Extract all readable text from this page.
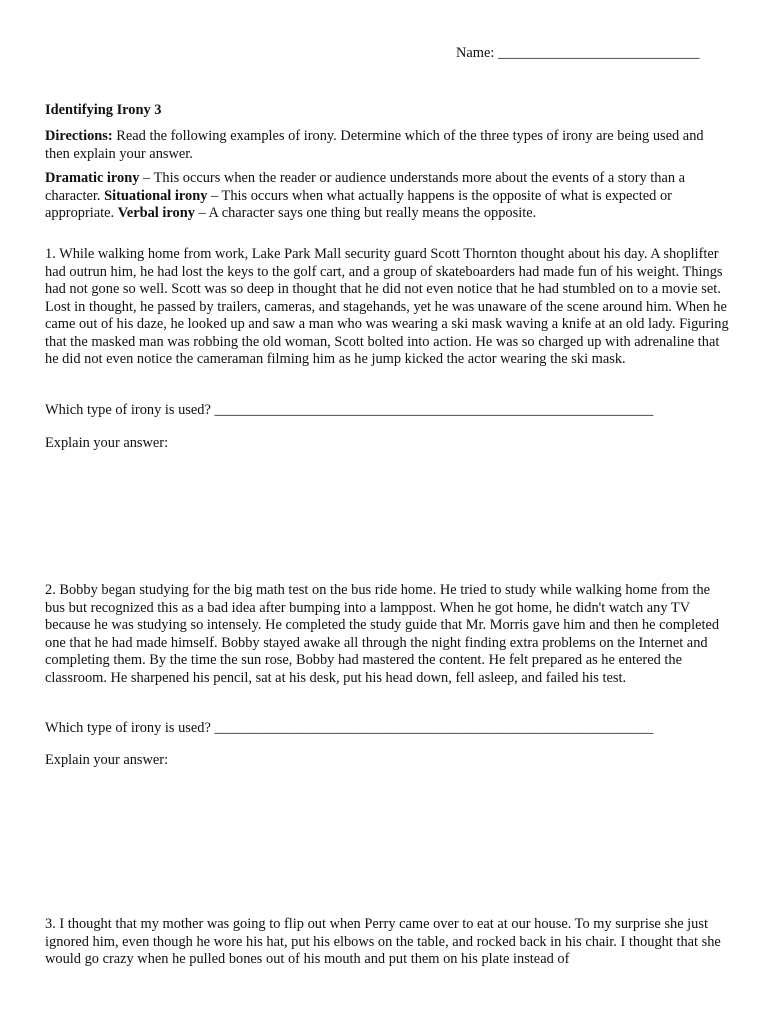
Name: ____________________________
Identifying Irony 3

Directions: Read the following examples of irony. Determine which of the three types of irony are being used and then explain your answer.

Dramatic irony – This occurs when the reader or audience understands more about the events of a story than a character. Situational irony – This occurs when what actually happens is the opposite of what is expected or appropriate. Verbal irony – A character says one thing but really means the opposite.

1. While walking home from work, Lake Park Mall security guard Scott Thornton thought about his day. A shoplifter had outrun him, he had lost the keys to the golf cart, and a group of skateboarders had made fun of his weight. Things had not gone so well. Scott was so deep in thought that he did not even notice that he had stumbled on to a movie set. Lost in thought, he passed by trailers, cameras, and stagehands, yet he was unaware of the scene around him. When he came out of his daze, he looked up and saw a man who was wearing a ski mask waving a knife at an old lady. Figuring that the masked man was robbing the old woman, Scott bolted into action. He was so charged up with adrenaline that he did not even notice the cameraman filming him as he jump kicked the actor wearing the ski mask.

Which type of irony is used? _____________________________________________________________

Explain your answer:

2. Bobby began studying for the big math test on the bus ride home. He tried to study while walking home from the bus but recognized this as a bad idea after bumping into a lamppost. When he got home, he didn't watch any TV because he was studying so intensely. He completed the study guide that Mr. Morris gave him and then he completed one that he had made himself. Bobby stayed awake all through the night finding extra problems on the Internet and completing them. By the time the sun rose, Bobby had mastered the content. He felt prepared as he entered the classroom. He sharpened his pencil, sat at his desk, put his head down, fell asleep, and failed his test.

Which type of irony is used? _____________________________________________________________

Explain your answer:

3. I thought that my mother was going to flip out when Perry came over to eat at our house. To my surprise she just ignored him, even though he wore his hat, put his elbows on the table, and rocked back in his chair. I thought that she would go crazy when he pulled bones out of his mouth and put them on his plate instead of
